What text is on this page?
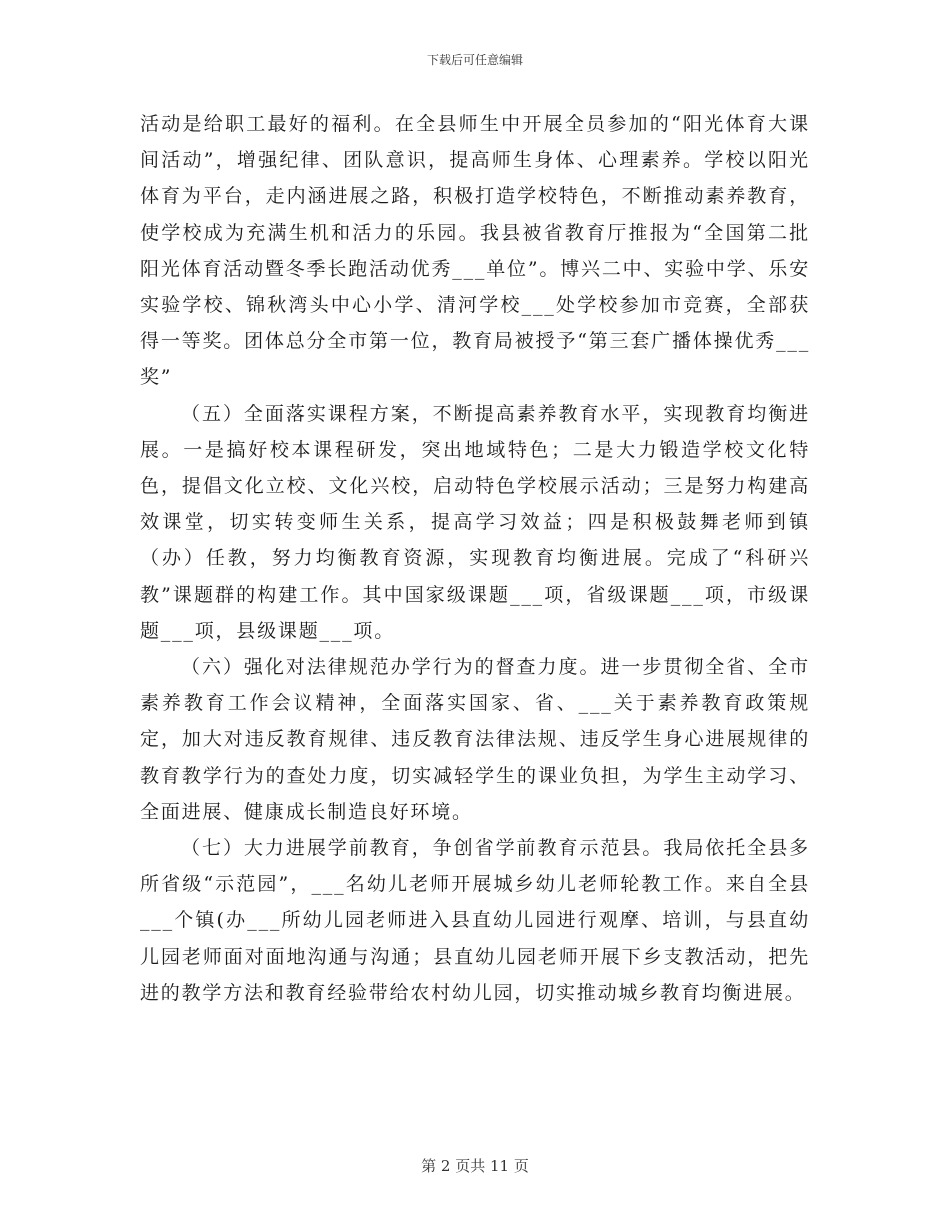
下载后可任意编辑

活动是给职工最好的福利。在全县师生中开展全员参加的“阳光体育大课间活动”，增强纪律、团队意识，提高师生身体、心理素养。学校以阳光体育为平台，走内涵进展之路，积极打造学校特色，不断推动素养教育，使学校成为充满生机和活力的乐园。我县被省教育厅推报为“全国第二批阳光体育活动暨冬季长跑活动优秀___单位”。博兴二中、实验中学、乐安实验学校、锦秋湾头中心小学、清河学校___处学校参加市竞赛，全部获得一等奖。团体总分全市第一位，教育局被授予“第三套广播体操优秀___奖”

（五）全面落实课程方案，不断提高素养教育水平，实现教育均衡进展。一是搞好校本课程研发，突出地域特色；二是大力锻造学校文化特色，提倡文化立校、文化兴校，启动特色学校展示活动；三是努力构建高效课堂，切实转变师生关系，提高学习效益；四是积极鼓舞老师到镇（办）任教，努力均衡教育资源，实现教育均衡进展。完成了“科研兴教”课题群的构建工作。其中国家级课题___项，省级课题___项，市级课题___项，县级课题___项。

（六）强化对法律规范办学行为的督查力度。进一步贯彻全省、全市素养教育工作会议精神，全面落实国家、省、___关于素养教育政策规定，加大对违反教育规律、违反教育法律法规、违反学生身心进展规律的教育教学行为的查处力度，切实减轻学生的课业负担，为学生主动学习、全面进展、健康成长制造良好环境。

（七）大力进展学前教育，争创省学前教育示范县。我局依托全县多所省级“示范园”，___名幼儿老师开展城乡幼儿老师轮教工作。来自全县___个镇(办___所幼儿园老师进入县直幼儿园进行观摩、培训，与县直幼儿园老师面对面地沟通与沟通；县直幼儿园老师开展下乡支教活动，把先进的教学方法和教育经验带给农村幼儿园，切实推动城乡教育均衡进展。

第 2 页共 11 页
